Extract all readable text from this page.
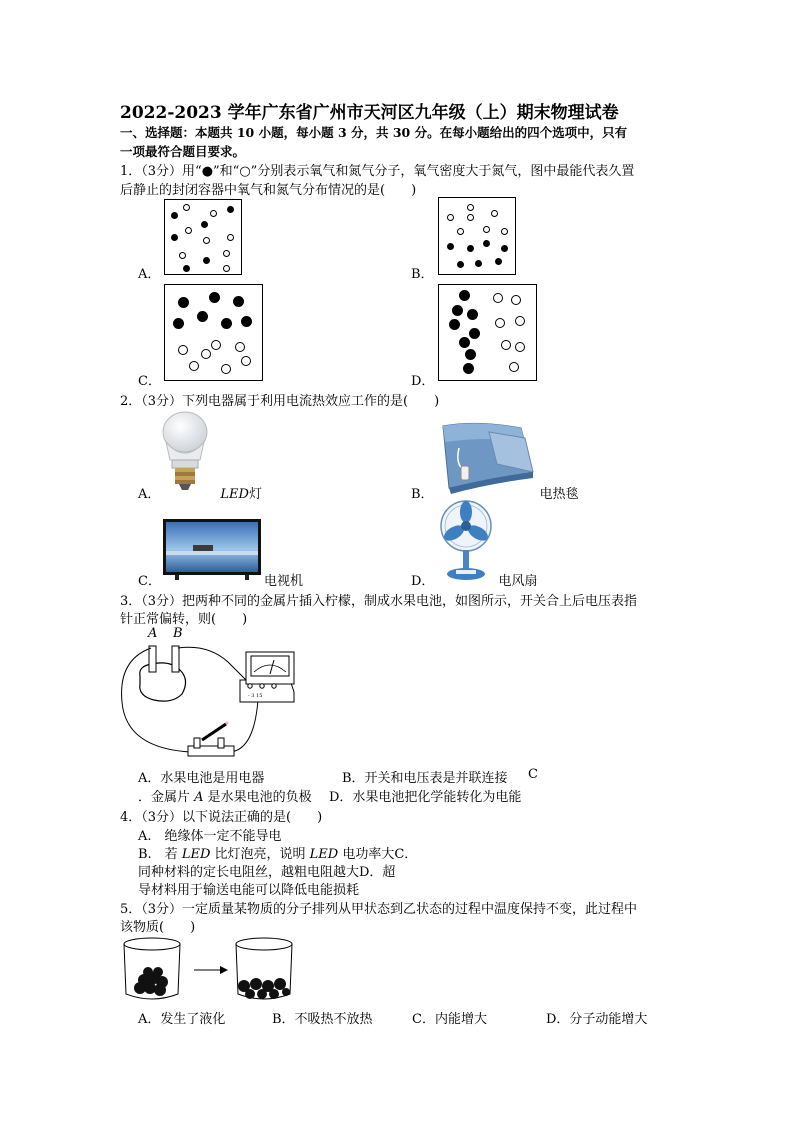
2022-2023 学年广东省广州市天河区九年级（上）期末物理试卷
一、选择题：本题共 10 小题，每小题 3 分，共 30 分。在每小题给出的四个选项中，只有
一项最符合题目要求。
1．（3分）用“●”和“○”分别表示氧气和氮气分子，氧气密度大于氮气，图中最能代表久置
后静止的封闭容器中氧气和氮气分布情况的是(　　)
A．	B．
C．	D．
2．（3分）下列电器属于利用电流热效应工作的是(　　)
A．	LED灯	B．	电热毯
C．	电视机	D．	电风扇
3．（3分）把两种不同的金属片插入柠檬，制成水果电池，如图所示，开关合上后电压表指
针正常偏转，则(　　)
A B
- 3 15
A．水果电池是用电器	B．开关和电压表是并联连接 C
．金属片 A 是水果电池的负极 D．水果电池把化学能转化为电能
4．（3分）以下说法正确的是(　　)
A.　绝缘体一定不能导电
B.　若 LED 比灯泡亮，说明 LED 电功率大C．
同种材料的定长电阻丝，越粗电阻越大D．超
导材料用于输送电能可以降低电能损耗
5．（3分）一定质量某物质的分子排列从甲状态到乙状态的过程中温度保持不变，此过程中
该物质(　　)
A．发生了液化	B．不吸热不放热	C．内能增大	D．分子动能增大
